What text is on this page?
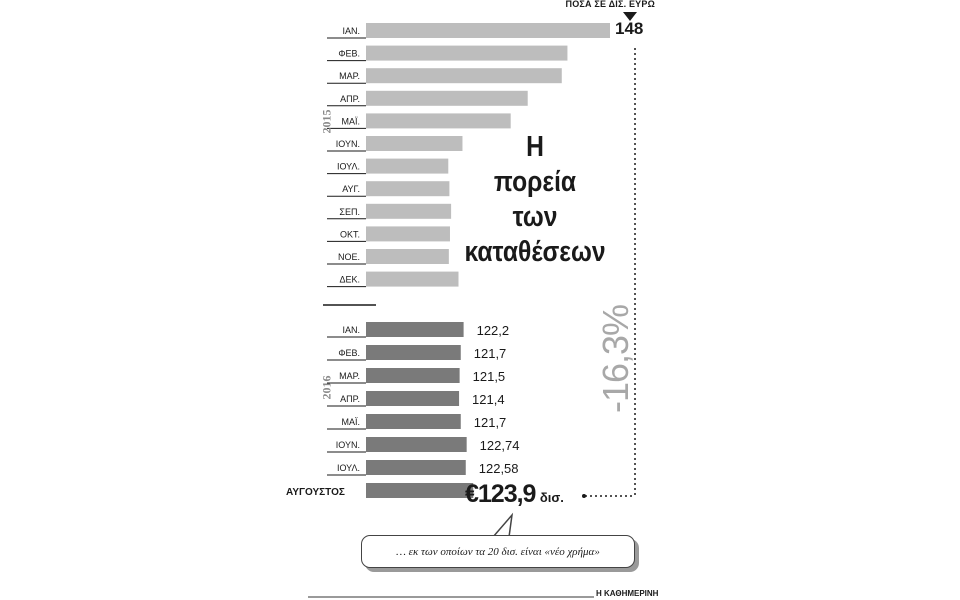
ΙΑΝ.
ΦΕΒ.
ΜΑΡ.
ΑΠΡ.
ΜΑΪ.
ΙΟΥΝ.
ΙΟΥΛ.
ΑΥΓ.
ΣΕΠ.
ΟΚΤ.
ΝΟΕ.
ΔΕΚ.
ΙΑΝ.	122,2
ΦΕΒ.	121,7
ΜΑΡ.	121,5
ΑΠΡ.	121,4
ΜΑΪ.	121,7
ΙΟΥΝ.	122,74
ΙΟΥΛ.	122,58
ΠΟΣΑ ΣΕ ΔΙΣ. ΕΥΡΩ
148
Η
πορεία
των
καταθέσεων
-16,3%
2015
2016
ΑΥΓΟΥΣΤΟΣ	€123,9 δισ.
… εκ των οποίων τα 20 δισ. είναι «νέο χρήμα»
Η ΚΑΘΗΜΕΡΙΝΗ
